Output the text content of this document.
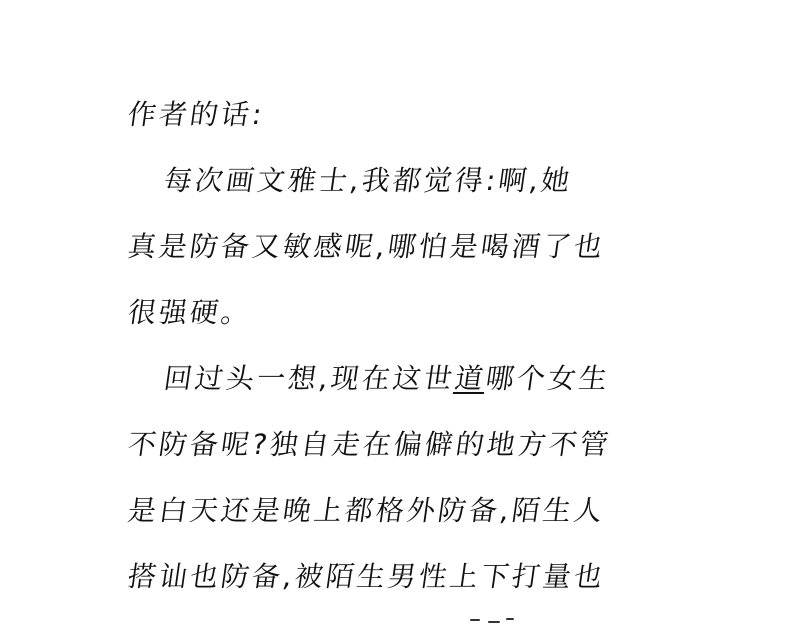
作者的话:
每次画文雅士,我都觉得:啊,她
真是防备又敏感呢,哪怕是喝酒了也
很强硬。
回过头一想,现在这世道哪个女生
不防备呢?独自走在偏僻的地方不管
是白天还是晚上都格外防备,陌生人
搭讪也防备,被陌生男性上下打量也
